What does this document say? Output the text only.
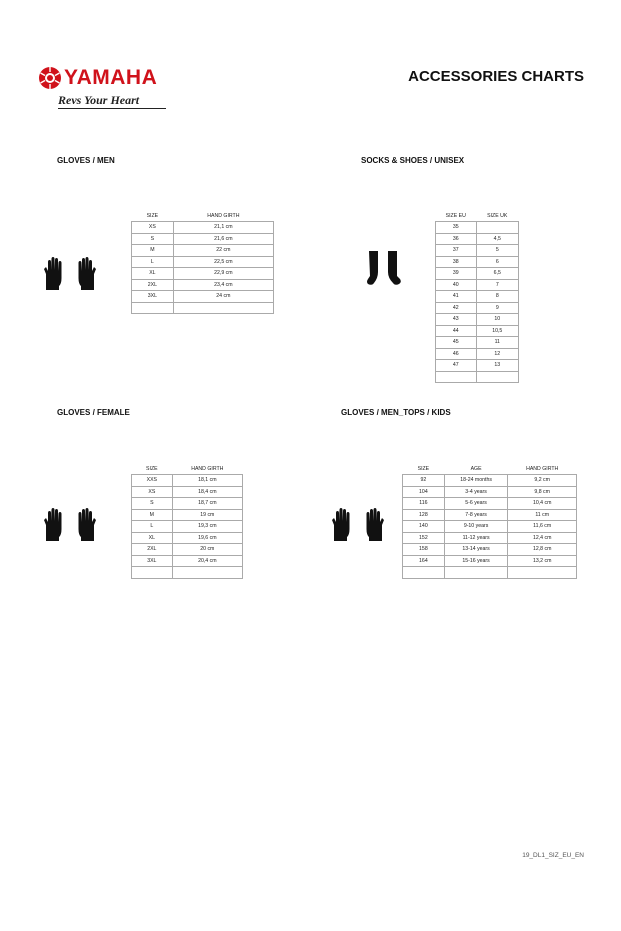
YAMAHA
Revs Your Heart
ACCESSORIES CHARTS
GLOVES / MEN
SIZE	HAND GIRTH
XS	21,1 cm
S	21,6 cm
M	22 cm
L	22,5 cm
XL	22,9 cm
2XL	23,4 cm
3XL	24 cm

SOCKS & SHOES / UNISEX
SIZE EU	SIZE UK
35	
36	4,5
37	5
38	6
39	6,5
40	7
41	8
42	9
43	10
44	10,5
45	11
46	12
47	13

GLOVES / FEMALE
SIZE	HAND GIRTH
XXS	18,1 cm
XS	18,4 cm
S	18,7 cm
M	19 cm
L	19,3 cm
XL	19,6 cm
2XL	20 cm
3XL	20,4 cm

GLOVES / MEN_TOPS / KIDS
SIZE	AGE	HAND GIRTH
92	18-24 months	9,2 cm
104	3-4 years	9,8 cm
116	5-6 years	10,4 cm
128	7-8 years	11 cm
140	9-10 years	11,6 cm
152	11-12 years	12,4 cm
158	13-14 years	12,8 cm
164	15-16 years	13,2 cm

19_DL1_SIZ_EU_EN
